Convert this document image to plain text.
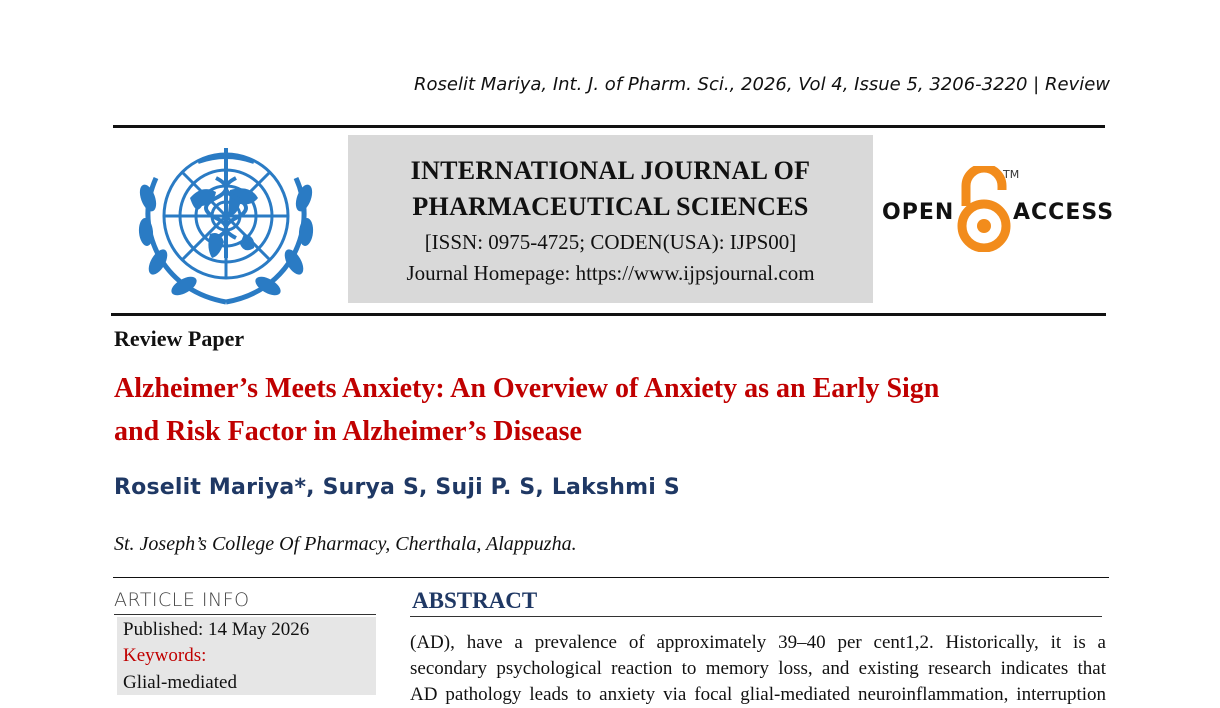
Roselit Mariya, Int. J. of Pharm. Sci., 2026, Vol 4, Issue 5, 3206-3220 | Review
INTERNATIONAL JOURNAL OF
PHARMACEUTICAL SCIENCES
[ISSN: 0975-4725; CODEN(USA): IJPS00]
Journal Homepage: https://www.ijpsjournal.com
OPEN
TM
ACCESS
Review Paper
Alzheimer’s Meets Anxiety: An Overview of Anxiety as an Early Sign
and Risk Factor in Alzheimer’s Disease
Roselit Mariya*, Surya S, Suji P. S, Lakshmi S
St. Joseph’s College Of Pharmacy, Cherthala, Alappuzha.
ARTICLE INFO
Published: 14 May 2026
Keywords:
Glial-mediated
ABSTRACT

(AD), have a prevalence of approximately 39–40 per cent1,2. Historically, it is a

secondary psychological reaction to memory loss, and existing research indicates that

AD pathology leads to anxiety via focal glial-mediated neuroinflammation, interruption
